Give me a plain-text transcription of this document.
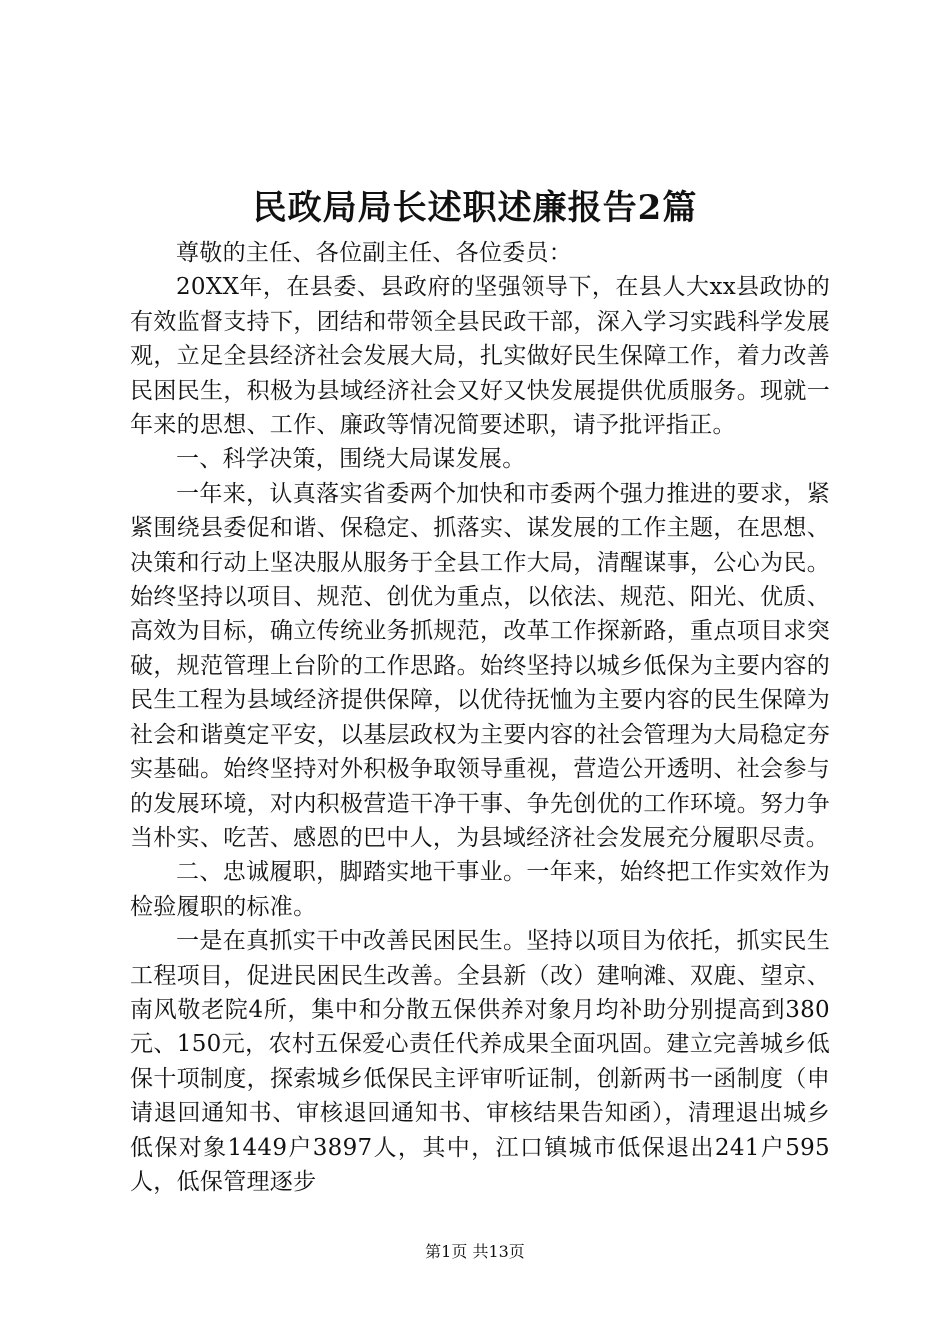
民政局局长述职述廉报告2篇

尊敬的主任、各位副主任、各位委员：

20XX年，在县委、县政府的坚强领导下，在县人大xx县政协的有效监督支持下，团结和带领全县民政干部，深入学习实践科学发展观，立足全县经济社会发展大局，扎实做好民生保障工作，着力改善民困民生，积极为县域经济社会又好又快发展提供优质服务。现就一年来的思想、工作、廉政等情况简要述职，请予批评指正。

一、科学决策，围绕大局谋发展。

一年来，认真落实省委两个加快和市委两个强力推进的要求，紧紧围绕县委促和谐、保稳定、抓落实、谋发展的工作主题，在思想、决策和行动上坚决服从服务于全县工作大局，清醒谋事，公心为民。始终坚持以项目、规范、创优为重点，以依法、规范、阳光、优质、高效为目标，确立传统业务抓规范，改革工作探新路，重点项目求突破，规范管理上台阶的工作思路。始终坚持以城乡低保为主要内容的民生工程为县域经济提供保障，以优待抚恤为主要内容的民生保障为社会和谐奠定平安，以基层政权为主要内容的社会管理为大局稳定夯实基础。始终坚持对外积极争取领导重视，营造公开透明、社会参与的发展环境，对内积极营造干净干事、争先创优的工作环境。努力争当朴实、吃苦、感恩的巴中人，为县域经济社会发展充分履职尽责。

二、忠诚履职，脚踏实地干事业。一年来，始终把工作实效作为检验履职的标准。

一是在真抓实干中改善民困民生。坚持以项目为依托，抓实民生工程项目，促进民困民生改善。全县新（改）建响滩、双鹿、望京、南风敬老院4所，集中和分散五保供养对象月均补助分别提高到380元、150元，农村五保爱心责任代养成果全面巩固。建立完善城乡低保十项制度，探索城乡低保民主评审听证制，创新两书一函制度（申请退回通知书、审核退回通知书、审核结果告知函），清理退出城乡低保对象1449户3897人，其中，江口镇城市低保退出241户595人，低保管理逐步

第1页 共13页
